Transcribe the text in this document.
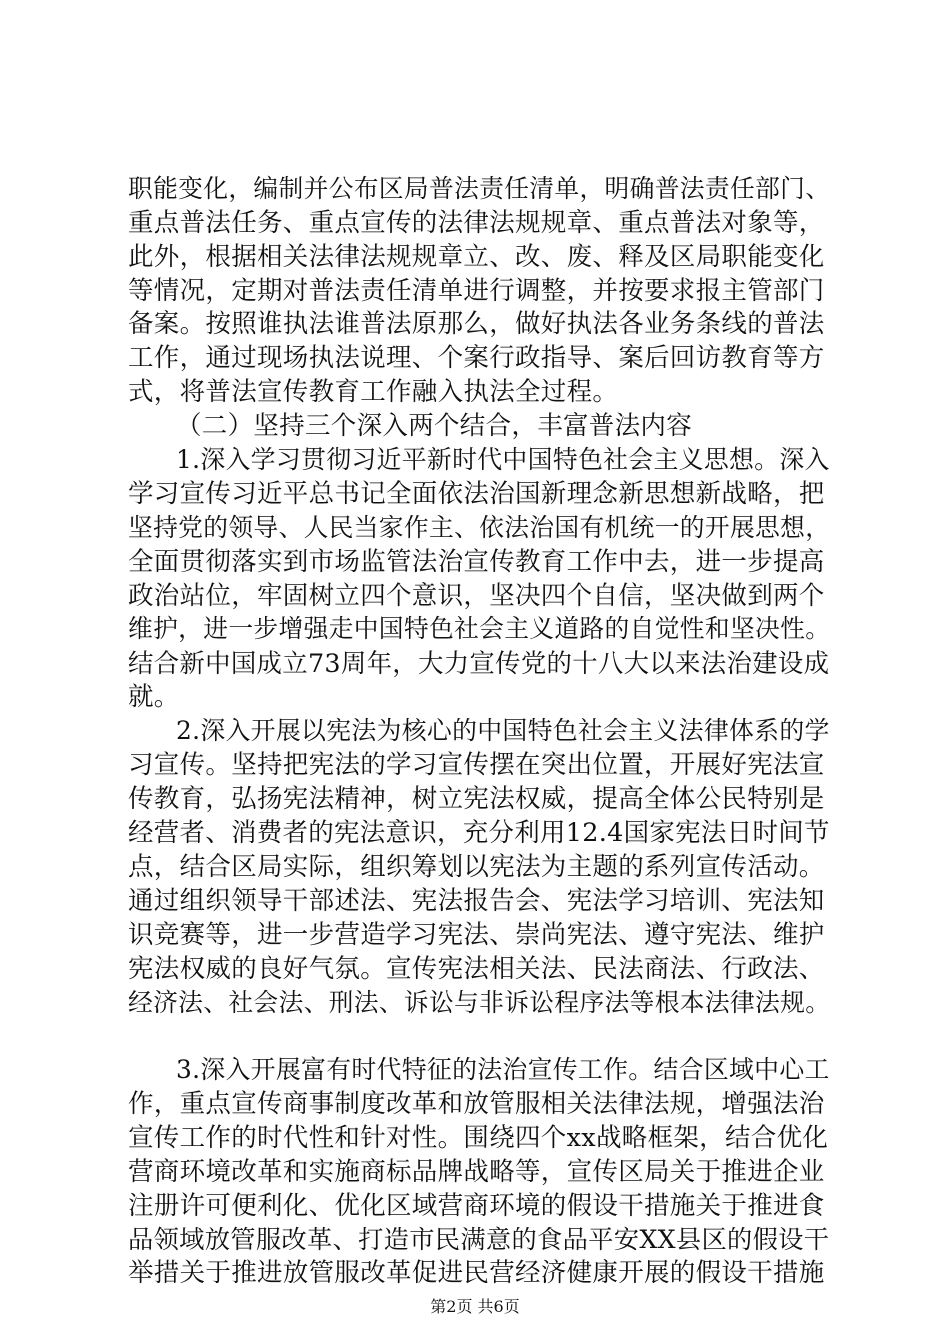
职能变化，编制并公布区局普法责任清单，明确普法责任部门、
重点普法任务、重点宣传的法律法规规章、重点普法对象等，
此外，根据相关法律法规规章立、改、废、释及区局职能变化
等情况，定期对普法责任清单进行调整，并按要求报主管部门
备案。按照谁执法谁普法原那么，做好执法各业务条线的普法
工作，通过现场执法说理、个案行政指导、案后回访教育等方
式，将普法宣传教育工作融入执法全过程。
（二）坚持三个深入两个结合，丰富普法内容
1.深入学习贯彻习近平新时代中国特色社会主义思想。深入
学习宣传习近平总书记全面依法治国新理念新思想新战略，把
坚持党的领导、人民当家作主、依法治国有机统一的开展思想，
全面贯彻落实到市场监管法治宣传教育工作中去，进一步提高
政治站位，牢固树立四个意识，坚决四个自信，坚决做到两个
维护，进一步增强走中国特色社会主义道路的自觉性和坚决性。
结合新中国成立73周年，大力宣传党的十八大以来法治建设成
就。
2.深入开展以宪法为核心的中国特色社会主义法律体系的学
习宣传。坚持把宪法的学习宣传摆在突出位置，开展好宪法宣
传教育，弘扬宪法精神，树立宪法权威，提高全体公民特别是
经营者、消费者的宪法意识，充分利用12.4国家宪法日时间节
点，结合区局实际，组织筹划以宪法为主题的系列宣传活动。
通过组织领导干部述法、宪法报告会、宪法学习培训、宪法知
识竞赛等，进一步营造学习宪法、崇尚宪法、遵守宪法、维护
宪法权威的良好气氛。宣传宪法相关法、民法商法、行政法、
经济法、社会法、刑法、诉讼与非诉讼程序法等根本法律法规。
3.深入开展富有时代特征的法治宣传工作。结合区域中心工
作，重点宣传商事制度改革和放管服相关法律法规，增强法治
宣传工作的时代性和针对性。围绕四个xx战略框架，结合优化
营商环境改革和实施商标品牌战略等，宣传区局关于推进企业
注册许可便利化、优化区域营商环境的假设干措施关于推进食
品领域放管服改革、打造市民满意的食品平安XX县区的假设干
举措关于推进放管服改革促进民营经济健康开展的假设干措施
第2页 共6页
